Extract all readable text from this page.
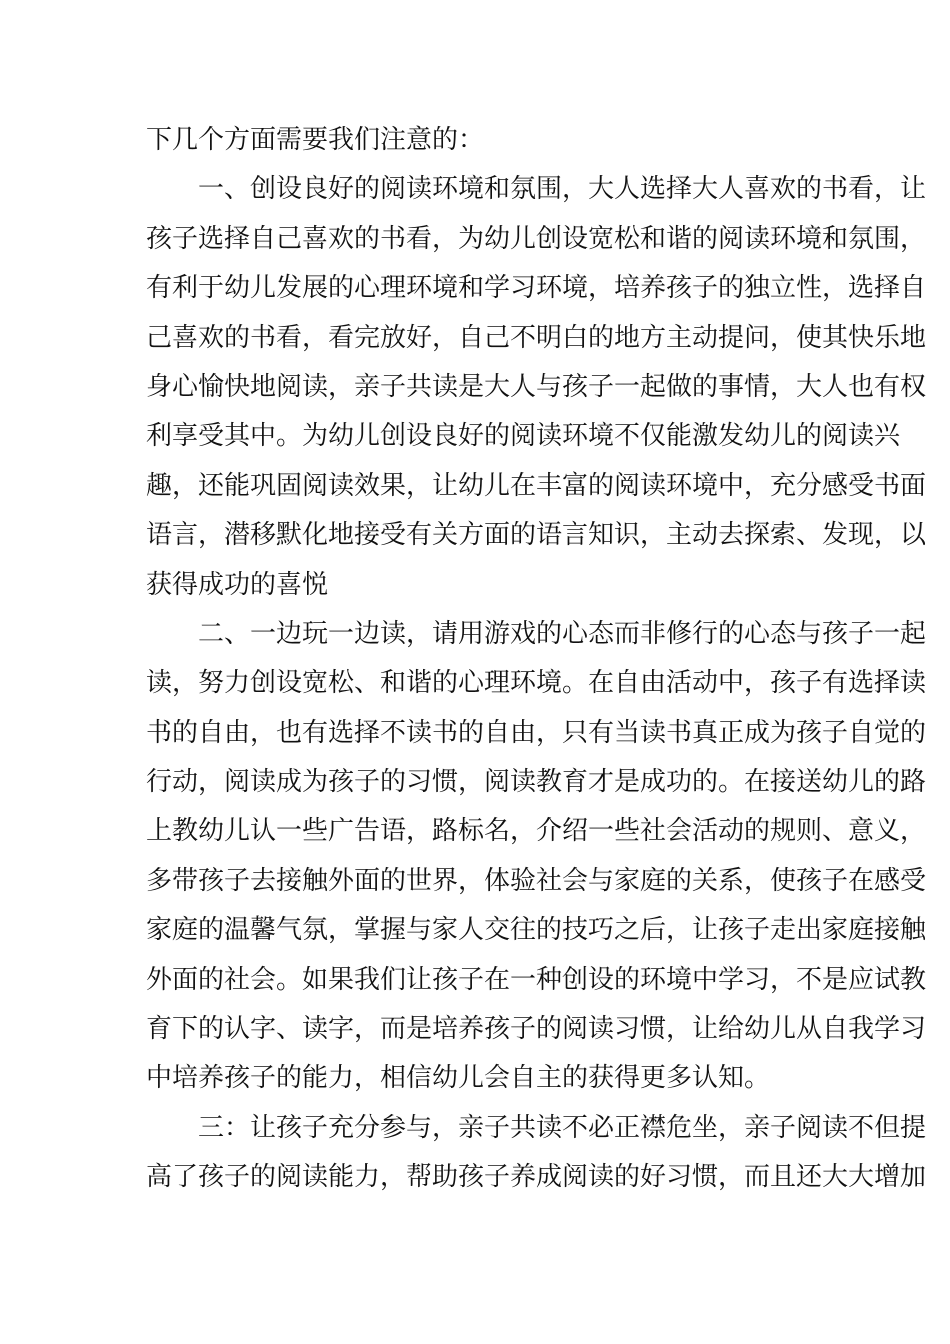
下几个方面需要我们注意的：
一、创设良好的阅读环境和氛围，大人选择大人喜欢的书看，让
孩子选择自己喜欢的书看，为幼儿创设宽松和谐的阅读环境和氛围，
有利于幼儿发展的心理环境和学习环境，培养孩子的独立性，选择自
己喜欢的书看，看完放好，自己不明白的地方主动提问，使其快乐地
身心愉快地阅读，亲子共读是大人与孩子一起做的事情，大人也有权
利享受其中。为幼儿创设良好的阅读环境不仅能激发幼儿的阅读兴
趣，还能巩固阅读效果，让幼儿在丰富的阅读环境中，充分感受书面
语言，潜移默化地接受有关方面的语言知识，主动去探索、发现，以
获得成功的喜悦
二、一边玩一边读，请用游戏的心态而非修行的心态与孩子一起
读，努力创设宽松、和谐的心理环境。在自由活动中，孩子有选择读
书的自由，也有选择不读书的自由，只有当读书真正成为孩子自觉的
行动，阅读成为孩子的习惯，阅读教育才是成功的。在接送幼儿的路
上教幼儿认一些广告语，路标名，介绍一些社会活动的规则、意义，
多带孩子去接触外面的世界，体验社会与家庭的关系，使孩子在感受
家庭的温馨气氛，掌握与家人交往的技巧之后，让孩子走出家庭接触
外面的社会。如果我们让孩子在一种创设的环境中学习，不是应试教
育下的认字、读字，而是培养孩子的阅读习惯，让给幼儿从自我学习
中培养孩子的能力，相信幼儿会自主的获得更多认知。
三：让孩子充分参与，亲子共读不必正襟危坐，亲子阅读不但提
高了孩子的阅读能力，帮助孩子养成阅读的好习惯，而且还大大增加
